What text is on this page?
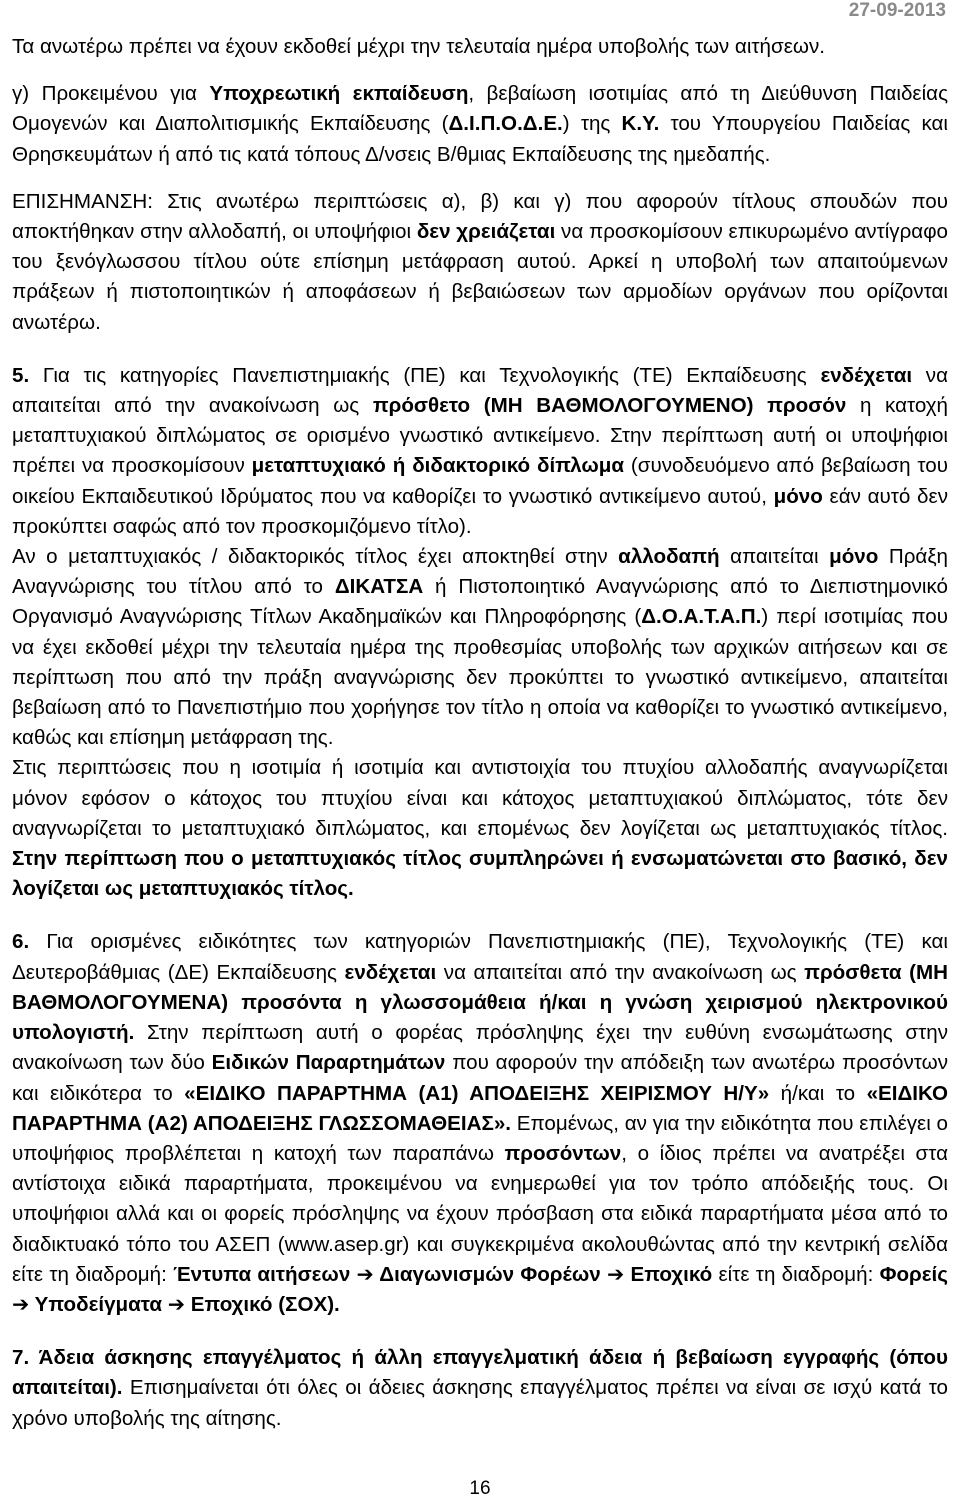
27-09-2013

Τα ανωτέρω πρέπει να έχουν εκδοθεί μέχρι την τελευταία ημέρα υποβολής των αιτήσεων.

γ) Προκειμένου για Υποχρεωτική εκπαίδευση, βεβαίωση ισοτιμίας από τη Διεύθυνση Παιδείας Ομογενών και Διαπολιτισμικής Εκπαίδευσης (Δ.Ι.Π.Ο.Δ.Ε.) της Κ.Υ. του Υπουργείου Παιδείας και Θρησκευμάτων ή από τις κατά τόπους Δ/νσεις Β/θμιας Εκπαίδευσης της ημεδαπής.

ΕΠΙΣΗΜΑΝΣΗ: Στις ανωτέρω περιπτώσεις α), β) και γ) που αφορούν τίτλους σπουδών που αποκτήθηκαν στην αλλοδαπή, οι υποψήφιοι δεν χρειάζεται να προσκομίσουν επικυρωμένο αντίγραφο του ξενόγλωσσου τίτλου ούτε επίσημη μετάφραση αυτού. Αρκεί η υποβολή των απαιτούμενων πράξεων ή πιστοποιητικών ή αποφάσεων ή βεβαιώσεων των αρμοδίων οργάνων που ορίζονται ανωτέρω.

5. Για τις κατηγορίες Πανεπιστημιακής (ΠΕ) και Τεχνολογικής (ΤΕ) Εκπαίδευσης ενδέχεται να απαιτείται από την ανακοίνωση ως πρόσθετο (ΜΗ ΒΑΘΜΟΛΟΓΟΥΜΕΝΟ) προσόν η κατοχή μεταπτυχιακού διπλώματος σε ορισμένο γνωστικό αντικείμενο. Στην περίπτωση αυτή οι υποψήφιοι πρέπει να προσκομίσουν μεταπτυχιακό ή διδακτορικό δίπλωμα (συνοδευόμενο από βεβαίωση του οικείου Εκπαιδευτικού Ιδρύματος που να καθορίζει το γνωστικό αντικείμενο αυτού, μόνο εάν αυτό δεν προκύπτει σαφώς από τον προσκομιζόμενο τίτλο).

Αν ο μεταπτυχιακός / διδακτορικός τίτλος έχει αποκτηθεί στην αλλοδαπή απαιτείται μόνο Πράξη Αναγνώρισης του τίτλου από το ΔΙΚΑΤΣΑ ή Πιστοποιητικό Αναγνώρισης από το Διεπιστημονικό Οργανισμό Αναγνώρισης Τίτλων Ακαδημαϊκών και Πληροφόρησης (Δ.Ο.Α.Τ.Α.Π.) περί ισοτιμίας που να έχει εκδοθεί μέχρι την τελευταία ημέρα της προθεσμίας υποβολής των αρχικών αιτήσεων και σε περίπτωση που από την πράξη αναγνώρισης δεν προκύπτει το γνωστικό αντικείμενο, απαιτείται βεβαίωση από το Πανεπιστήμιο που χορήγησε τον τίτλο η οποία να καθορίζει το γνωστικό αντικείμενο, καθώς και επίσημη μετάφραση της.

Στις περιπτώσεις που η ισοτιμία ή ισοτιμία και αντιστοιχία του πτυχίου αλλοδαπής αναγνωρίζεται μόνον εφόσον ο κάτοχος του πτυχίου είναι και κάτοχος μεταπτυχιακού διπλώματος, τότε δεν αναγνωρίζεται το μεταπτυχιακό διπλώματος, και επομένως δεν λογίζεται ως μεταπτυχιακός τίτλος. Στην περίπτωση που ο μεταπτυχιακός τίτλος συμπληρώνει ή ενσωματώνεται στο βασικό, δεν λογίζεται ως μεταπτυχιακός τίτλος.

6. Για ορισμένες ειδικότητες των κατηγοριών Πανεπιστημιακής (ΠΕ), Τεχνολογικής (ΤΕ) και Δευτεροβάθμιας (ΔΕ) Εκπαίδευσης ενδέχεται να απαιτείται από την ανακοίνωση ως πρόσθετα (ΜΗ ΒΑΘΜΟΛΟΓΟΥΜΕΝΑ) προσόντα η γλωσσομάθεια ή/και η γνώση χειρισμού ηλεκτρονικού υπολογιστή. Στην περίπτωση αυτή ο φορέας πρόσληψης έχει την ευθύνη ενσωμάτωσης στην ανακοίνωση των δύο Ειδικών Παραρτημάτων που αφορούν την απόδειξη των ανωτέρω προσόντων και ειδικότερα το «ΕΙΔΙΚΟ ΠΑΡΑΡΤΗΜΑ (Α1) ΑΠΟΔΕΙΞΗΣ ΧΕΙΡΙΣΜΟΥ Η/Υ» ή/και το «ΕΙΔΙΚΟ ΠΑΡΑΡΤΗΜΑ (Α2) ΑΠΟΔΕΙΞΗΣ ΓΛΩΣΣΟΜΑΘΕΙΑΣ». Επομένως, αν για την ειδικότητα που επιλέγει ο υποψήφιος προβλέπεται η κατοχή των παραπάνω προσόντων, ο ίδιος πρέπει να ανατρέξει στα αντίστοιχα ειδικά παραρτήματα, προκειμένου να ενημερωθεί για τον τρόπο απόδειξής τους. Οι υποψήφιοι αλλά και οι φορείς πρόσληψης να έχουν πρόσβαση στα ειδικά παραρτήματα μέσα από το διαδικτυακό τόπο του ΑΣΕΠ (www.asep.gr) και συγκεκριμένα ακολουθώντας από την κεντρική σελίδα είτε τη διαδρομή: Έντυπα αιτήσεων ➔ Διαγωνισμών Φορέων ➔ Εποχικό είτε τη διαδρομή: Φορείς ➔ Υποδείγματα ➔ Εποχικό (ΣΟΧ).

7. Άδεια άσκησης επαγγέλματος ή άλλη επαγγελματική άδεια ή βεβαίωση εγγραφής (όπου απαιτείται). Επισημαίνεται ότι όλες οι άδειες άσκησης επαγγέλματος πρέπει να είναι σε ισχύ κατά το χρόνο υποβολής της αίτησης.

16
